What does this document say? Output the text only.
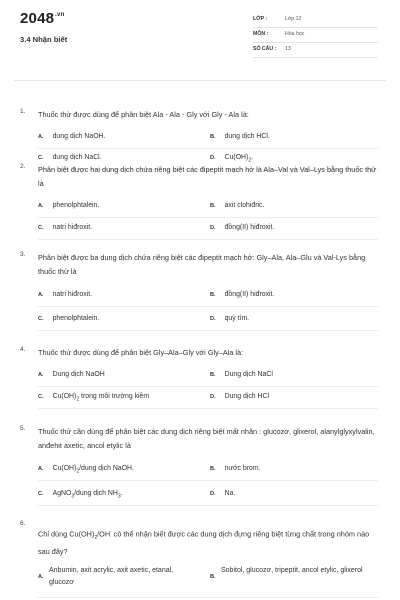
$2048^{.vn}$
3.4 Nhận biết
LỚP :	Lớp 12
MÔN :	Hóa học
SỐ CÂU : 13
1. Thuốc thử được dùng để phân biệt Ala - Ala - Gly với Gly - Ala là:
A. dung dịch NaOH.	B. dung dịch HCl.
C. dung dịch NaCl.	D. $Cu(OH)_2$.
2. Phân biệt được hai dung dịch chứa riêng biệt các đipeptit mạch hở là Ala–Val và Val–Lys bằng thuốc thử là
A. phenolphtalein.	B. axit clohiđric.
C. natri hiđroxit.	D. đồng(II) hiđroxit.
3. Phân biệt được ba dung dịch chứa riêng biệt các đipeptit mạch hở: Gly–Ala, Ala–Glu và Val-Lys bằng thuốc thử là
A. natri hiđroxit.	B. đồng(II) hiđroxit.
C. phenolphtalein.	D. quỳ tím.
4. Thuốc thử được dùng để phân biệt Gly–Ala–Gly với Gly–Ala là:
A. Dung dịch NaOH	B. Dung dịch NaCl
C. $Cu(OH)_2$ trong môi trường kiềm	D. Dung dịch HCl
5. Thuốc thử cần dùng để phân biệt các dung dịch riêng biệt mất nhãn : glucozơ, glixerol, alanylglyxylvalin, anđehit axetic, ancol etylic là
A. $Cu(OH)_2$/dung dịch NaOH.	B. nước brom.
C. AgNO$_3$/dung dịch $NH_3$.	D. Na.
6.
Chỉ dùng $Cu(OH)_2/OH^-$ có thể nhận biết được các dung dịch đựng riêng biệt từng chất trong nhóm nào sau đây?
A.
Anbumin, axit acrylic, axit axetic, etanal, glucozơ
B.
Sobitol, glucozơ, tripeptit, ancol etylic, glixerol
